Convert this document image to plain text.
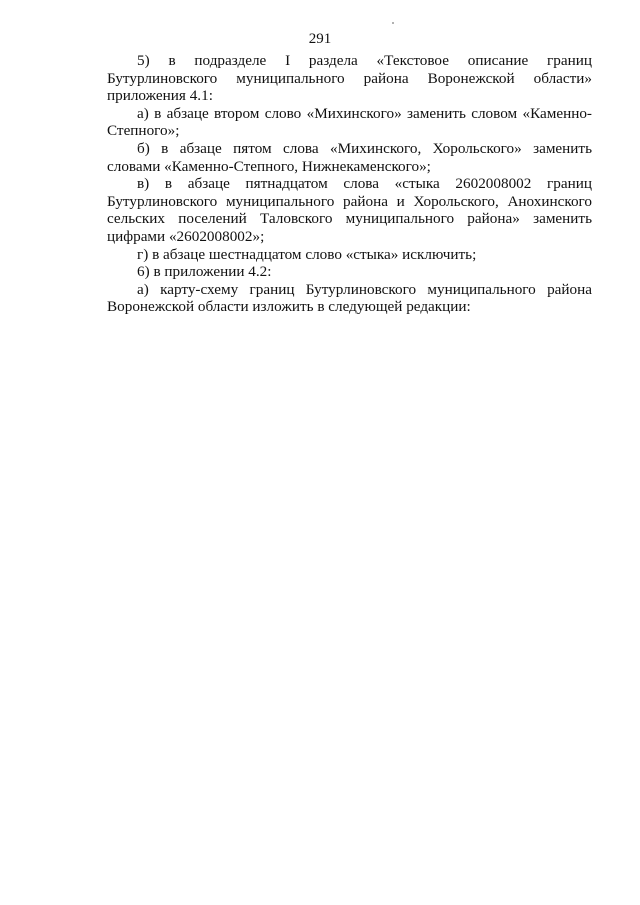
291

5) в подразделе I раздела «Текстовое описание границ Бутурлиновского муниципального района Воронежской области» приложения 4.1:

а) в абзаце втором слово «Михинского» заменить словом «Каменно-Степного»;

б) в абзаце пятом слова «Михинского, Хорольского» заменить словами «Каменно-Степного, Нижнекаменского»;

в) в абзаце пятнадцатом слова «стыка 2602008002 границ Бутурлиновского муниципального района и Хорольского, Анохинского сельских поселений Таловского муниципального района» заменить цифрами «2602008002»;

г) в абзаце шестнадцатом слово «стыка» исключить;

6) в приложении 4.2:

а) карту-схему границ Бутурлиновского муниципального района Воронежской области изложить в следующей редакции:
